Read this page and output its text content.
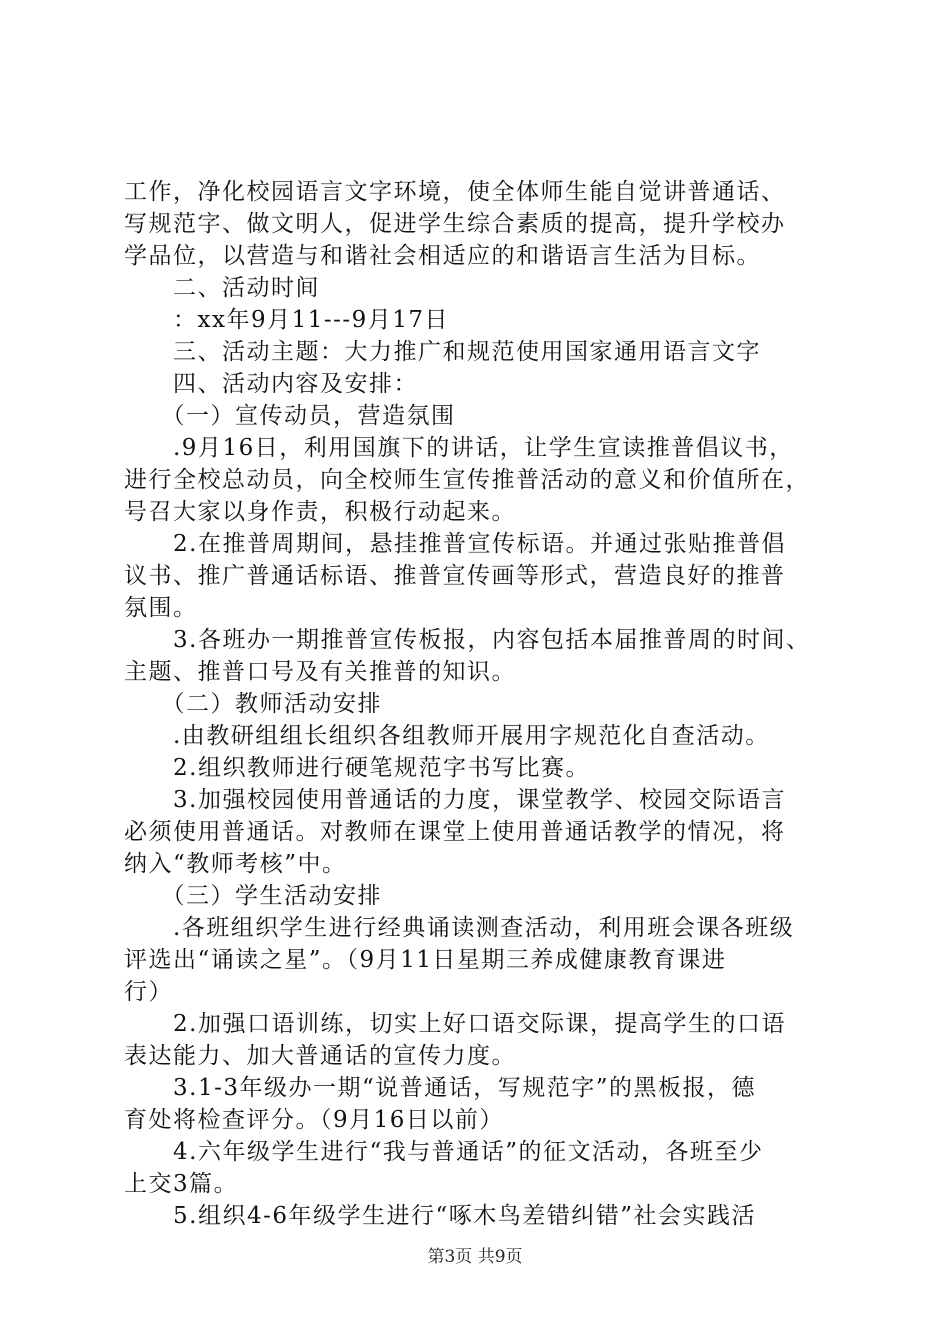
工作，净化校园语言文字环境，使全体师生能自觉讲普通话、
写规范字、做文明人，促进学生综合素质的提高，提升学校办
学品位，以营造与和谐社会相适应的和谐语言生活为目标。
　　二、活动时间
　　：xx年9月11---9月17日
　　三、活动主题：大力推广和规范使用国家通用语言文字
　　四、活动内容及安排：
　　（一）宣传动员，营造氛围
　　.9月16日，利用国旗下的讲话，让学生宣读推普倡议书，
进行全校总动员，向全校师生宣传推普活动的意义和价值所在，
号召大家以身作责，积极行动起来。
　　2.在推普周期间，悬挂推普宣传标语。并通过张贴推普倡
议书、推广普通话标语、推普宣传画等形式，营造良好的推普
氛围。
　　3.各班办一期推普宣传板报，内容包括本届推普周的时间、
主题、推普口号及有关推普的知识。
　　（二）教师活动安排
　　.由教研组组长组织各组教师开展用字规范化自查活动。
　　2.组织教师进行硬笔规范字书写比赛。
　　3.加强校园使用普通话的力度，课堂教学、校园交际语言
必须使用普通话。对教师在课堂上使用普通话教学的情况，将
纳入“教师考核”中。
　　（三）学生活动安排
　　.各班组织学生进行经典诵读测查活动，利用班会课各班级
评选出“诵读之星”。（9月11日星期三养成健康教育课进
行）
　　2.加强口语训练，切实上好口语交际课，提高学生的口语
表达能力、加大普通话的宣传力度。
　　3.1-3年级办一期“说普通话，写规范字”的黑板报，德
育处将检查评分。（9月16日以前）
　　4.六年级学生进行“我与普通话”的征文活动，各班至少
上交3篇。
　　5.组织4-6年级学生进行“啄木鸟差错纠错”社会实践活
第3页 共9页
